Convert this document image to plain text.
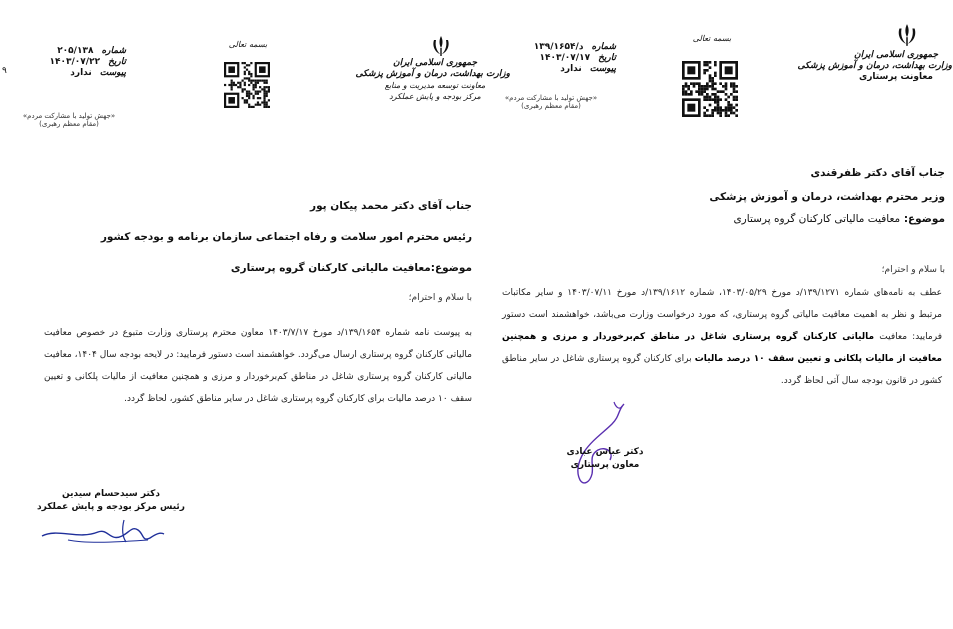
۹
شماره
۲۰۵/۱۳۸
تاریخ
۱۴۰۳/۰۷/۲۲
پیوست
ندارد
«جهش تولید با مشارکت مردم»
(مقام معظم رهبری)
بسمه تعالی
جمهوری اسلامی ایران
وزارت بهداشت، درمان و آموزش پزشکی
معاونت توسعه مدیریت و منابع
مرکز بودجه و پایش عملکرد
جناب آقای دکتر محمد پیکان پور
رئیس محترم امور سلامت و رفاه اجتماعی سازمان برنامه و بودجه کشور
موضوع:معافیت مالیاتی کارکنان گروه پرستاری
با سلام و احترام؛
به پیوست نامه شماره ۱۳۹/۱۶۵۴/د مورخ ۱۴۰۳/۷/۱۷ معاون محترم پرستاری وزارت متبوع در خصوص معافیت مالیاتی کارکنان گروه پرستاری ارسال می‌گردد. خواهشمند است دستور فرمایید: در لایحه بودجه سال ۱۴۰۴، معافیت مالیاتی کارکنان گروه پرستاری شاغل در مناطق کم‌برخوردار و مرزی و همچنین معافیت از مالیات پلکانی و تعیین سقف ۱۰ درصد مالیات برای کارکنان گروه پرستاری شاغل در سایر مناطق کشور، لحاظ گردد.
دکتر سیدحسام سیدین
رئیس مرکز بودجه و پایش عملکرد
شماره
د/۱۳۹/۱۶۵۴
تاریخ
۱۴۰۳/۰۷/۱۷
پیوست
ندارد
«جهش تولید با مشارکت مردم»
(مقام معظم رهبری)
بسمه تعالی
جمهوری اسلامی ایران
وزارت بهداشت، درمان و آموزش پزشکی
معاونت پرستاری
جناب آقای دکتر ظفرقندی
وزیر محترم بهداشت، درمان و آموزش پزشکی
موضوع: معافیت مالیاتی کارکنان گروه پرستاری
با سلام و احترام؛
عطف به نامه‌های شماره ۱۳۹/۱۲۷۱/د مورخ ۱۴۰۳/۰۵/۲۹، شماره ۱۳۹/۱۶۱۲/د مورخ ۱۴۰۳/۰۷/۱۱ و سایر مکاتبات مرتبط و نظر به اهمیت معافیت مالیاتی گروه پرستاری، که مورد درخواست وزارت می‌باشد، خواهشمند است دستور فرمایید: معافیت مالیاتی کارکنان گروه پرستاری شاغل در مناطق کم‌برخوردار و مرزی و همچنین معافیت از مالیات پلکانی و تعیین سقف ۱۰ درصد مالیات برای کارکنان گروه پرستاری شاغل در سایر مناطق کشور در قانون بودجه سال آتی لحاظ گردد.
دکتر عباس عبادی
معاون پرستاری
